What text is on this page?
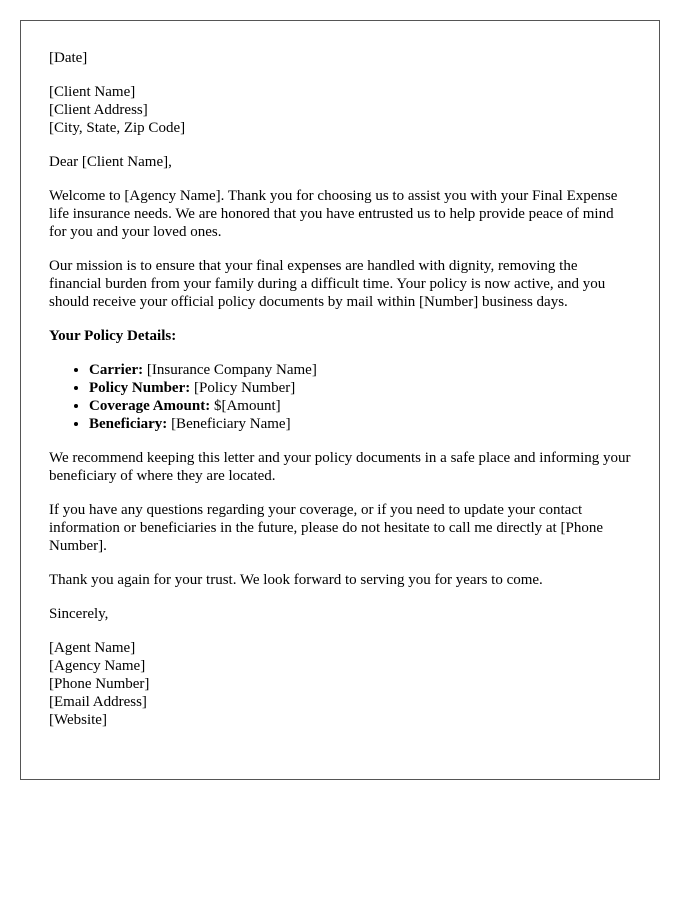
[Date]

[Client Name]
[Client Address]
[City, State, Zip Code]

Dear [Client Name],

Welcome to [Agency Name]. Thank you for choosing us to assist you with your Final Expense life insurance needs. We are honored that you have entrusted us to help provide peace of mind for you and your loved ones.

Our mission is to ensure that your final expenses are handled with dignity, removing the financial burden from your family during a difficult time. Your policy is now active, and you should receive your official policy documents by mail within [Number] business days.

Your Policy Details:

• Carrier: [Insurance Company Name]
• Policy Number: [Policy Number]
• Coverage Amount: $[Amount]
• Beneficiary: [Beneficiary Name]

We recommend keeping this letter and your policy documents in a safe place and informing your beneficiary of where they are located.

If you have any questions regarding your coverage, or if you need to update your contact information or beneficiaries in the future, please do not hesitate to call me directly at [Phone Number].

Thank you again for your trust. We look forward to serving you for years to come.

Sincerely,

[Agent Name]
[Agency Name]
[Phone Number]
[Email Address]
[Website]
